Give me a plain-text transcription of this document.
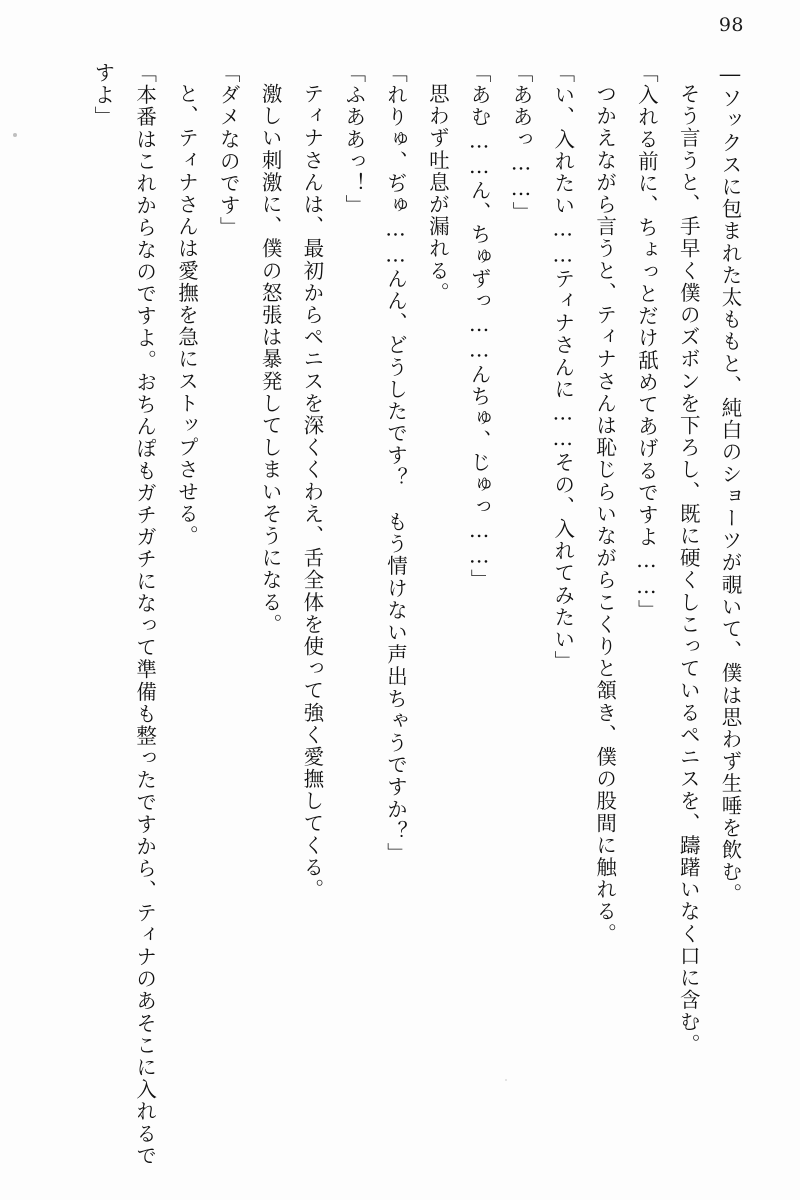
98

―ソックスに包まれた太ももと、純白のショーツが覗いて、僕は思わず生唾を飲む。

そう言うと、手早く僕のズボンを下ろし、既に硬くしこっているペニスを、躊躇いなく口に含む。

「入れる前に、ちょっとだけ舐めてあげるですよ……」

つかえながら言うと、ティナさんは恥じらいながらこくりと頷き、僕の股間に触れる。

「い、入れたい……ティナさんに……その、入れてみたい」

「ああっ……」

「あむ……ん、ちゅずっ……んちゅ、じゅっ……」

思わず吐息が漏れる。

「れりゅ、ぢゅ……んん、どうしたです？　もう情けない声出ちゃうですか？」

「ふああっ！」

ティナさんは、最初からペニスを深くくわえ、舌全体を使って強く愛撫してくる。

激しい刺激に、僕の怒張は暴発してしまいそうになる。

「ダメなのです」

と、ティナさんは愛撫を急にストップさせる。

「本番はこれからなのですよ。おちんぽもガチガチになって準備も整ったですから、ティナのあそこに入れるですよ」
